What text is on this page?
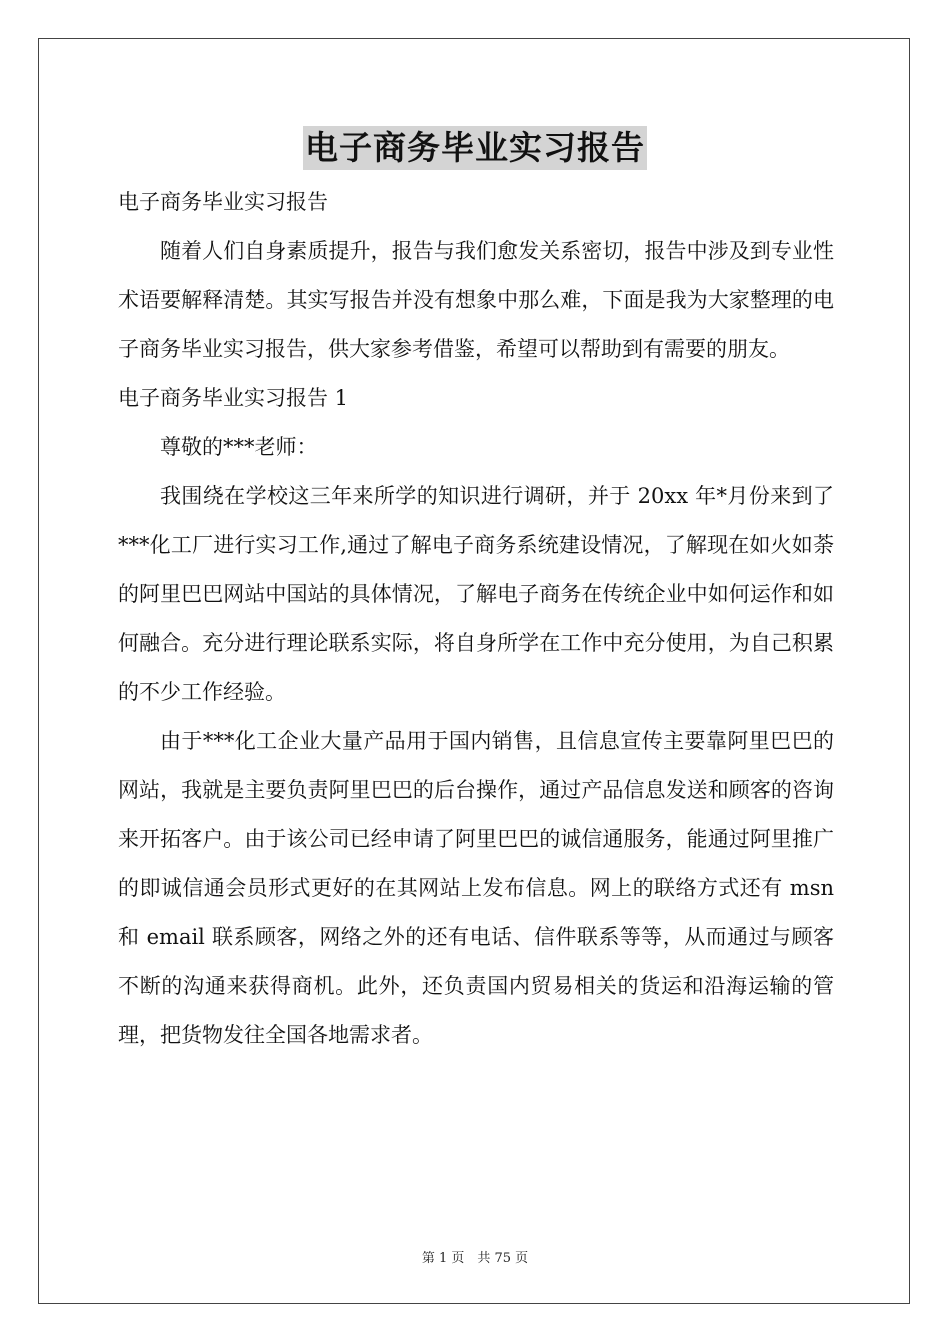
电子商务毕业实习报告

电子商务毕业实习报告

随着人们自身素质提升，报告与我们愈发关系密切，报告中涉及到专业性术语要解释清楚。其实写报告并没有想象中那么难，下面是我为大家整理的电子商务毕业实习报告，供大家参考借鉴，希望可以帮助到有需要的朋友。

电子商务毕业实习报告 1

尊敬的***老师：

我围绕在学校这三年来所学的知识进行调研，并于 20xx 年*月份来到了***化工厂进行实习工作,通过了解电子商务系统建设情况，了解现在如火如荼的阿里巴巴网站中国站的具体情况，了解电子商务在传统企业中如何运作和如何融合。充分进行理论联系实际，将自身所学在工作中充分使用，为自己积累的不少工作经验。

由于***化工企业大量产品用于国内销售，且信息宣传主要靠阿里巴巴的网站，我就是主要负责阿里巴巴的后台操作，通过产品信息发送和顾客的咨询来开拓客户。由于该公司已经申请了阿里巴巴的诚信通服务，能通过阿里推广的即诚信通会员形式更好的在其网站上发布信息。网上的联络方式还有 msn 和 email 联系顾客，网络之外的还有电话、信件联系等等，从而通过与顾客不断的沟通来获得商机。此外，还负责国内贸易相关的货运和沿海运输的管理，把货物发往全国各地需求者。

第 1 页　共 75 页
